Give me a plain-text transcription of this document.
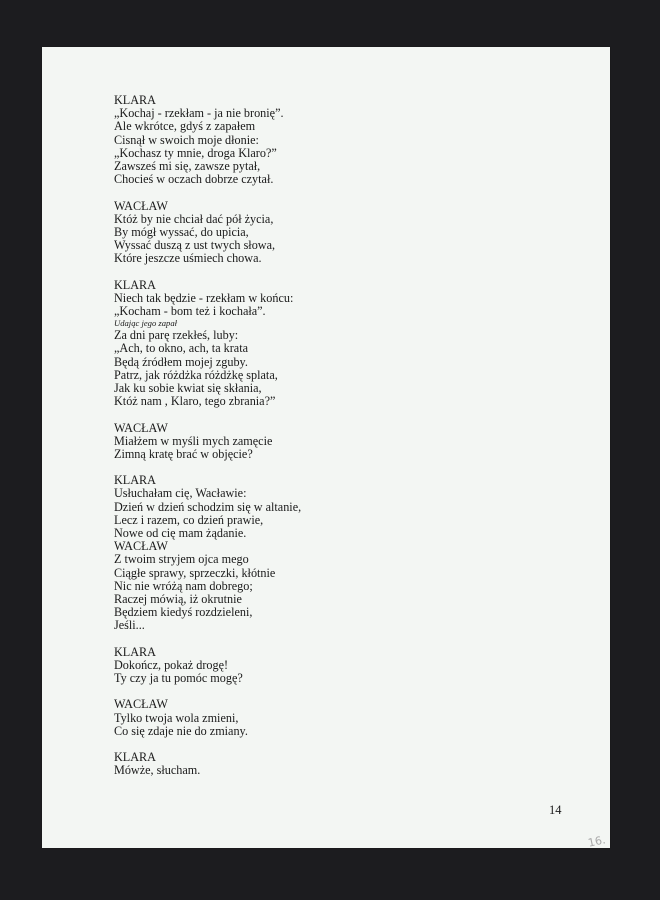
KLARA
„Kochaj - rzekłam - ja nie bronię”.
Ale wkrótce, gdyś z zapałem
Cisnął w swoich moje dłonie:
„Kochasz ty mnie, droga Klaro?”
Zawsześ mi się, zawsze pytał,
Chocieś w oczach dobrze czytał.
WACŁAW
Któż by nie chciał dać pół życia,
By mógł wyssać, do upicia,
Wyssać duszą z ust twych słowa,
Które jeszcze uśmiech chowa.
KLARA
Niech tak będzie - rzekłam w końcu:
„Kocham - bom też i kochała”.
Udając jego zapał
Za dni parę rzekłeś, luby:
„Ach, to okno, ach, ta krata
Będą źródłem mojej zguby.
Patrz, jak różdżka różdżkę splata,
Jak ku sobie kwiat się skłania,
Któż nam , Klaro, tego zbrania?”
WACŁAW
Miałżem w myśli mych zamęcie
Zimną kratę brać w objęcie?
KLARA
Usłuchałam cię, Wacławie:
Dzień w dzień schodzim się w altanie,
Lecz i razem, co dzień prawie,
Nowe od cię mam żądanie.
WACŁAW
Z twoim stryjem ojca mego
Ciągłe sprawy, sprzeczki, kłótnie
Nic nie wróżą nam dobrego;
Raczej mówią, iż okrutnie
Będziem kiedyś rozdzieleni,
Jeśli...
KLARA
Dokończ, pokaż drogę!
Ty czy ja tu pomóc mogę?
WACŁAW
Tylko twoja wola zmieni,
Co się zdaje nie do zmiany.
KLARA
Mówże, słucham.
14
16.
